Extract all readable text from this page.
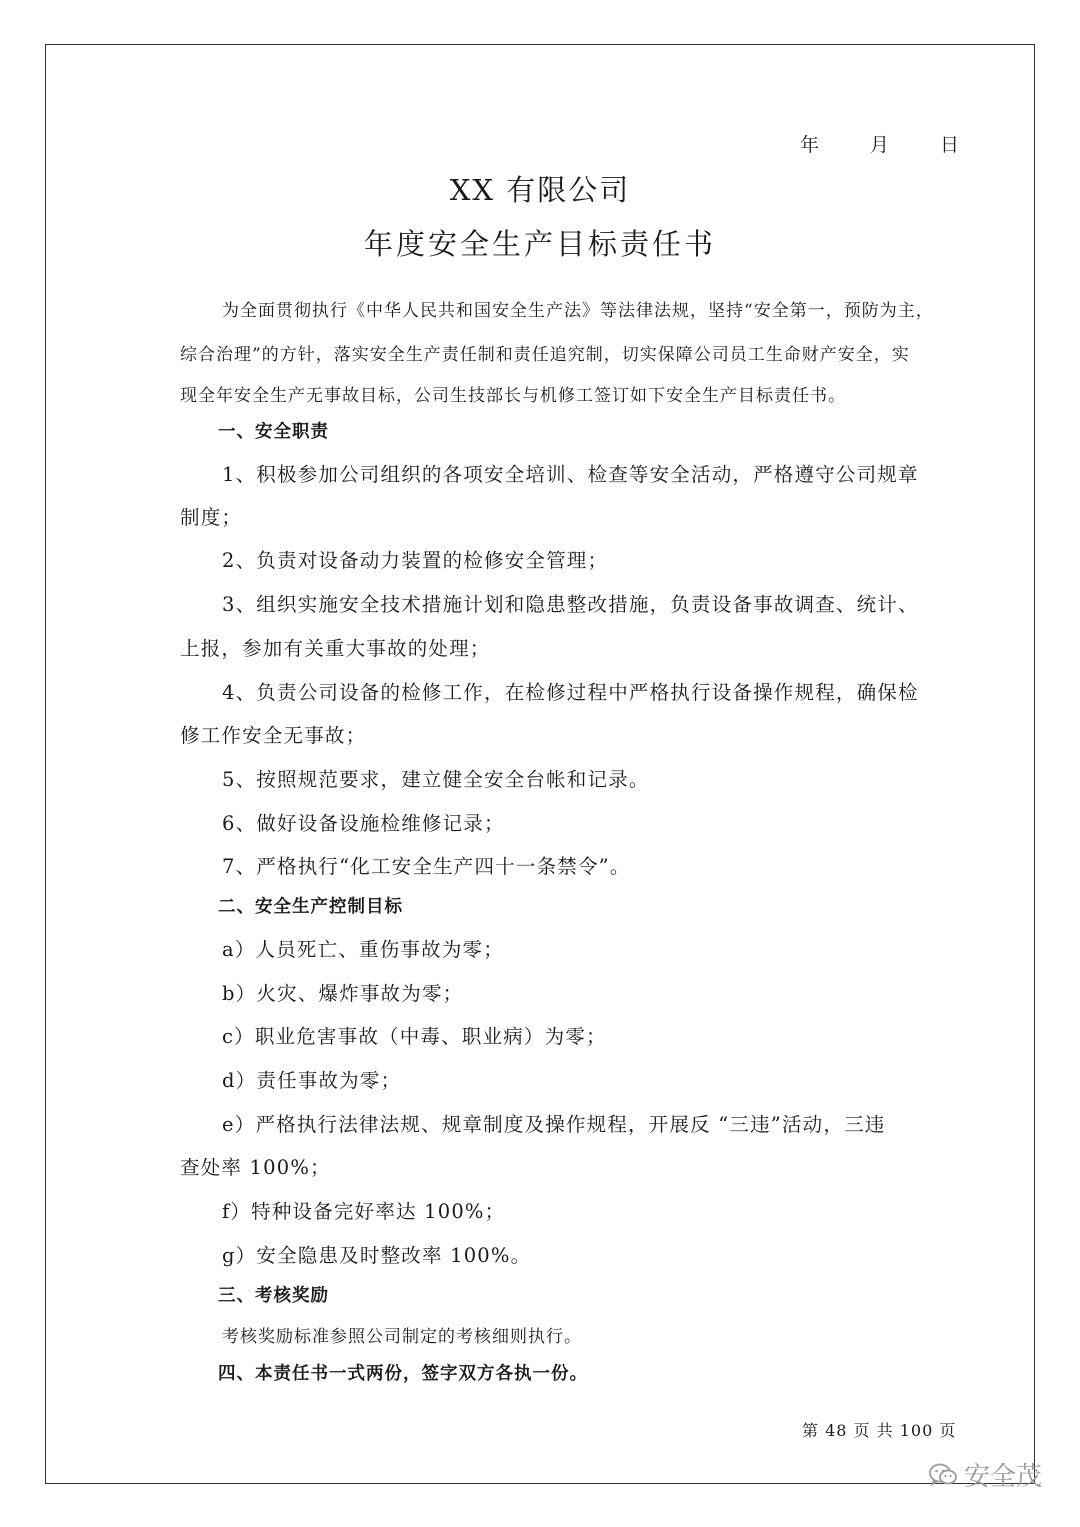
年	月	日
XX 有限公司
年度安全生产目标责任书
为全面贯彻执行《中华人民共和国安全生产法》等法律法规，坚持“安全第一，预防为主，
综合治理”的方针，落实安全生产责任制和责任追究制，切实保障公司员工生命财产安全，实
现全年安全生产无事故目标，公司生技部长与机修工签订如下安全生产目标责任书。
一、安全职责
1、积极参加公司组织的各项安全培训、检查等安全活动，严格遵守公司规章
制度；
2、负责对设备动力装置的检修安全管理；
3、组织实施安全技术措施计划和隐患整改措施，负责设备事故调查、统计、
上报，参加有关重大事故的处理；
4、负责公司设备的检修工作，在检修过程中严格执行设备操作规程，确保检
修工作安全无事故；
5、按照规范要求，建立健全安全台帐和记录。
6、做好设备设施检维修记录；
7、严格执行“化工安全生产四十一条禁令”。
二、安全生产控制目标
a）人员死亡、重伤事故为零；
b）火灾、爆炸事故为零；
c）职业危害事故（中毒、职业病）为零；
d）责任事故为零；
e）严格执行法律法规、规章制度及操作规程，开展反 “三违”活动，三违
查处率 100%；
f）特种设备完好率达 100%；
g）安全隐患及时整改率 100%。
三、考核奖励
考核奖励标准参照公司制定的考核细则执行。
四、本责任书一式两份，签字双方各执一份。
第 48 页 共 100 页
安全茂
